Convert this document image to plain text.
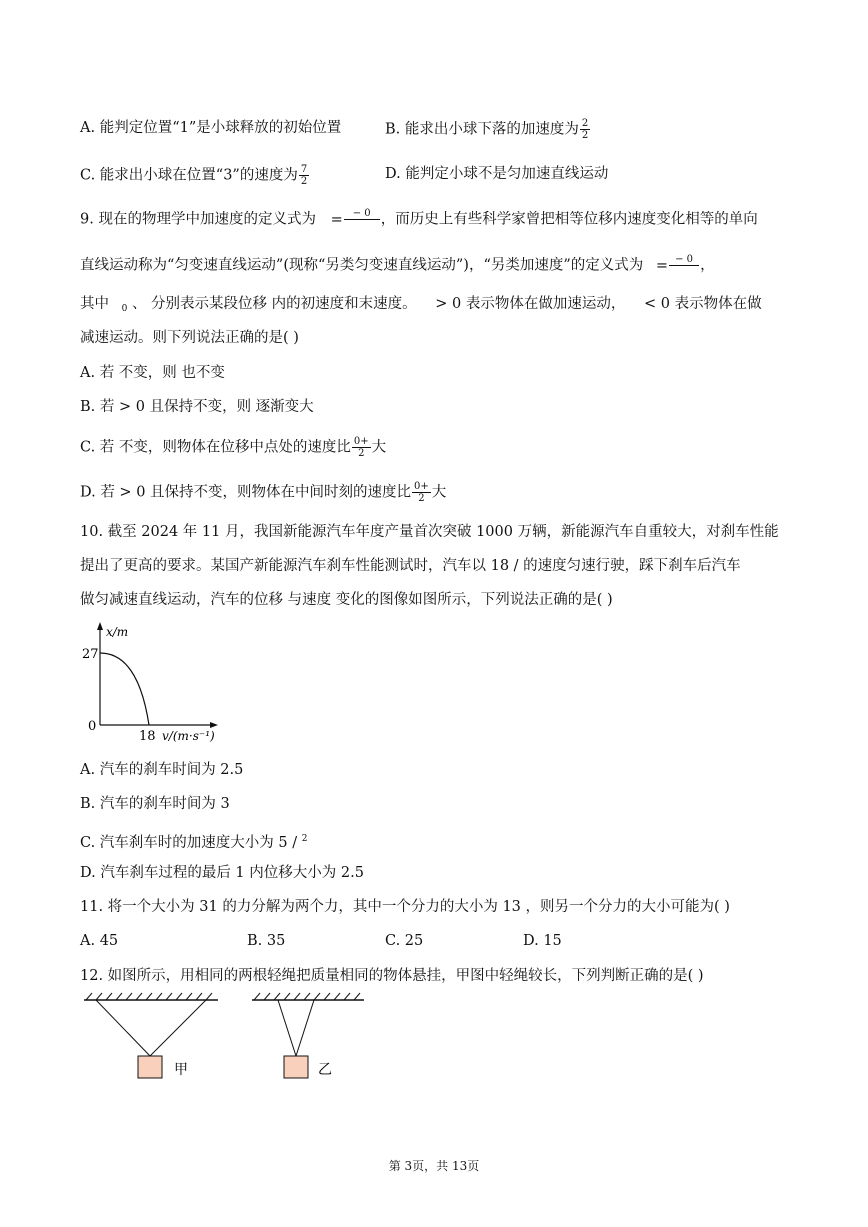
A. 能判定位置“1”是小球释放的初始位置	B. 能求出小球下落的加速度为 $\frac{2}{2}$
C. 能求出小球在位置“3”的速度为 $\frac{7}{2}$	D. 能判定小球不是匀加速直线运动
9. 现在的物理学中加速度的定义式为 =	− 0
，而历史上有些科学家曾把相等位移内速度变化相等的单向
直线运动称为“匀变速直线运动”(现称“另类匀变速直线运动”)，“另类加速度”的定义式为 = − 0
，
其中 $_0$ 、 分别表示某段位移 内的初速度和末速度。 > 0 表示物体在做加速运动， < 0 表示物体在做
减速运动。则下列说法正确的是( )
A. 若 不变，则 也不变
B. 若 > 0 且保持不变，则 逐渐变大
C. 若 不变，则物体在位移中点处的速度比 $\frac{0+}{2}$ 大
D. 若 > 0 且保持不变，则物体在中间时刻的速度比 $\frac{0+}{2}$ 大
10. 截至 2024 年 11 月，我国新能源汽车年度产量首次突破 1000 万辆，新能源汽车自重较大，对刹车性能
提出了更高的要求。某国产新能源汽车刹车性能测试时，汽车以 18 / 的速度匀速行驶，踩下刹车后汽车
做匀减速直线运动，汽车的位移 与速度 变化的图像如图所示，下列说法正确的是( )
x/m
27
0
18 v/(m·s⁻¹)
A. 汽车的刹车时间为 2.5
B. 汽车的刹车时间为 3
C. 汽车刹车时的加速度大小为 5 / $^2$
D. 汽车刹车过程的最后 1 内位移大小为 2.5
11. 将一个大小为 31 的力分解为两个力，其中一个分力的大小为 13 ，则另一个分力的大小可能为( )
A. 45	B. 35	C. 25	D. 15
12. 如图所示，用相同的两根轻绳把质量相同的物体悬挂，甲图中轻绳较长，下列判断正确的是( )
甲	乙
第 3页，共 13页
